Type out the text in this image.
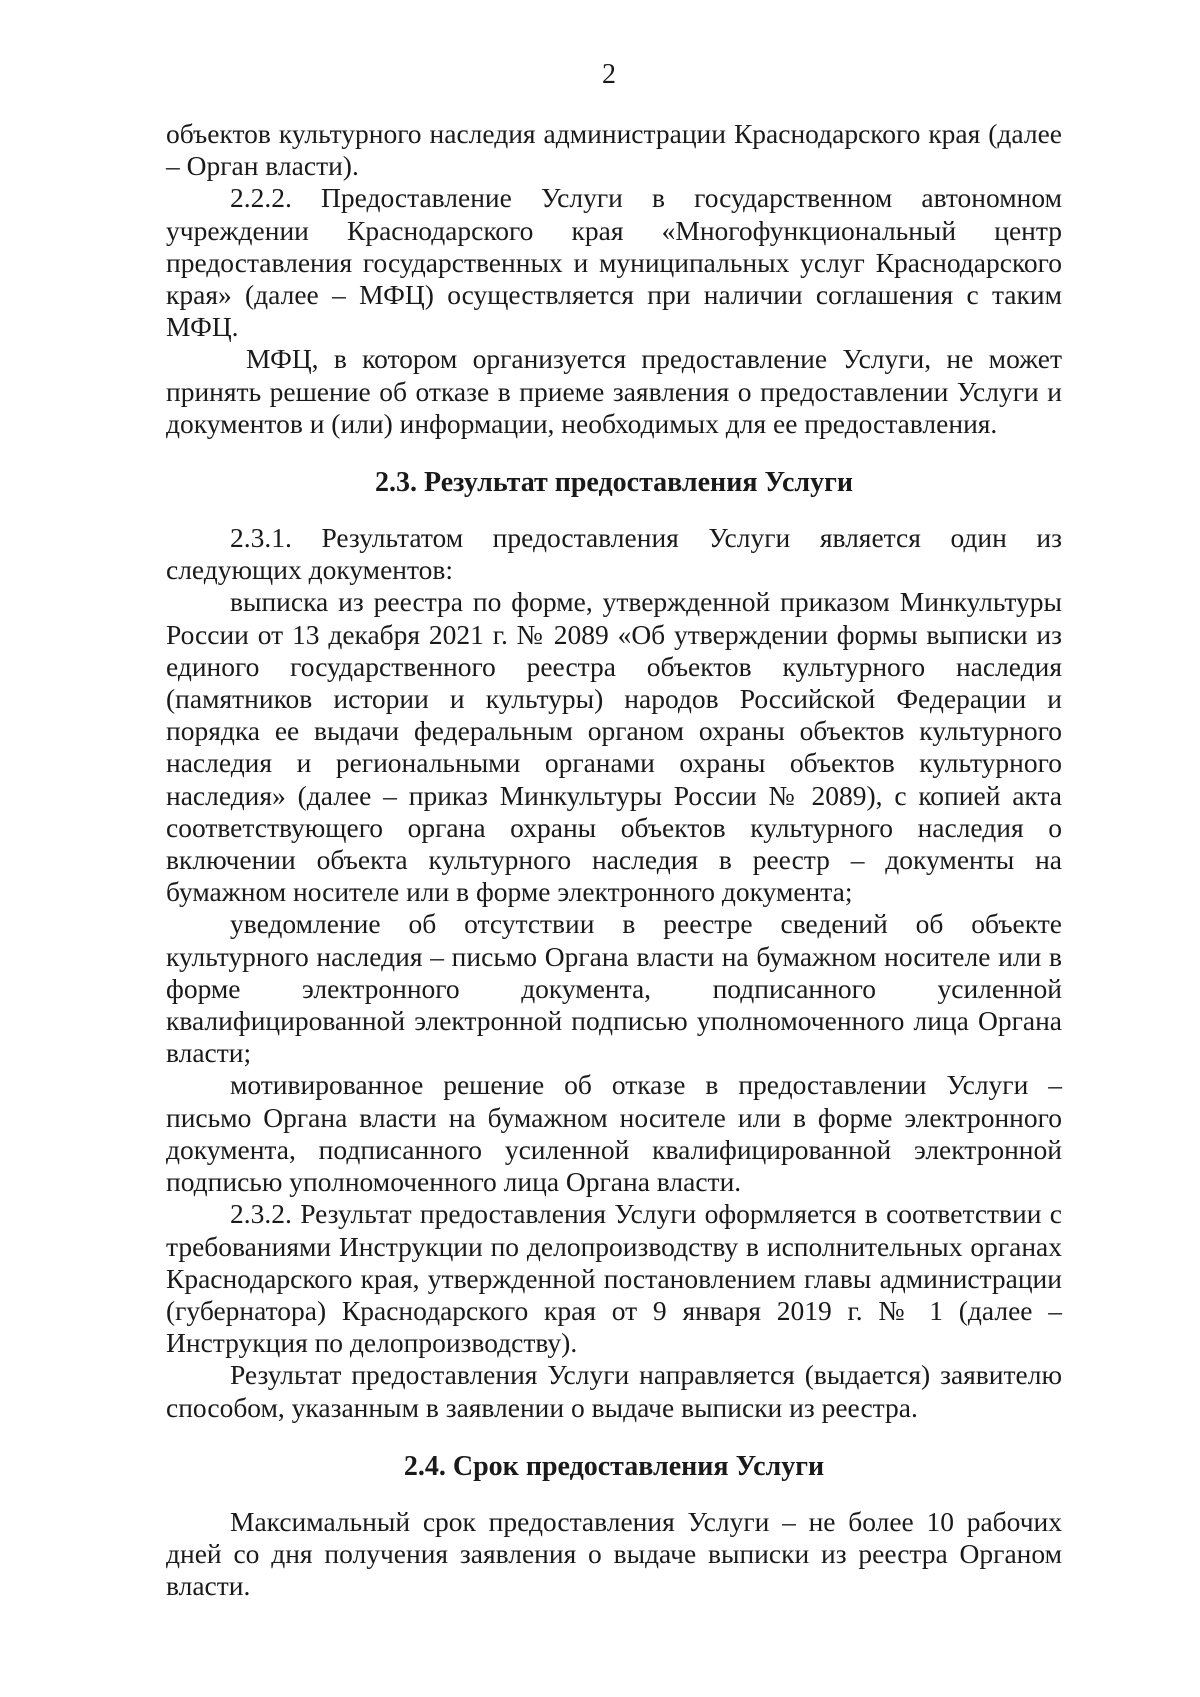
2

объектов культурного наследия администрации Краснодарского края (далее – Орган власти).

2.2.2. Предоставление Услуги в государственном автономном учреждении Краснодарского края «Многофункциональный центр предоставления государственных и муниципальных услуг Краснодарского края» (далее – МФЦ) осуществляется при наличии соглашения с таким МФЦ.

МФЦ, в котором организуется предоставление Услуги, не может принять решение об отказе в приеме заявления о предоставлении Услуги и документов и (или) информации, необходимых для ее предоставления.

2.3. Результат предоставления Услуги

2.3.1. Результатом предоставления Услуги является один из следующих документов:

выписка из реестра по форме, утвержденной приказом Минкультуры России от 13 декабря 2021 г. № 2089 «Об утверждении формы выписки из единого государственного реестра объектов культурного наследия (памятников истории и культуры) народов Российской Федерации и порядка ее выдачи федеральным органом охраны объектов культурного наследия и региональными органами охраны объектов культурного наследия» (далее – приказ Минкультуры России № 2089), с копией акта соответствующего органа охраны объектов культурного наследия о включении объекта культурного наследия в реестр – документы на бумажном носителе или в форме электронного документа;

уведомление об отсутствии в реестре сведений об объекте культурного наследия – письмо Органа власти на бумажном носителе или в форме электронного документа, подписанного усиленной квалифицированной электронной подписью уполномоченного лица Органа власти;

мотивированное решение об отказе в предоставлении Услуги – письмо Органа власти на бумажном носителе или в форме электронного документа, подписанного усиленной квалифицированной электронной подписью уполномоченного лица Органа власти.

2.3.2. Результат предоставления Услуги оформляется в соответствии с требованиями Инструкции по делопроизводству в исполнительных органах Краснодарского края, утвержденной постановлением главы администрации (губернатора) Краснодарского края от 9 января 2019 г. № 1 (далее – Инструкция по делопроизводству).

Результат предоставления Услуги направляется (выдается) заявителю способом, указанным в заявлении о выдаче выписки из реестра.

2.4. Срок предоставления Услуги

Максимальный срок предоставления Услуги – не более 10 рабочих дней со дня получения заявления о выдаче выписки из реестра Органом власти.
